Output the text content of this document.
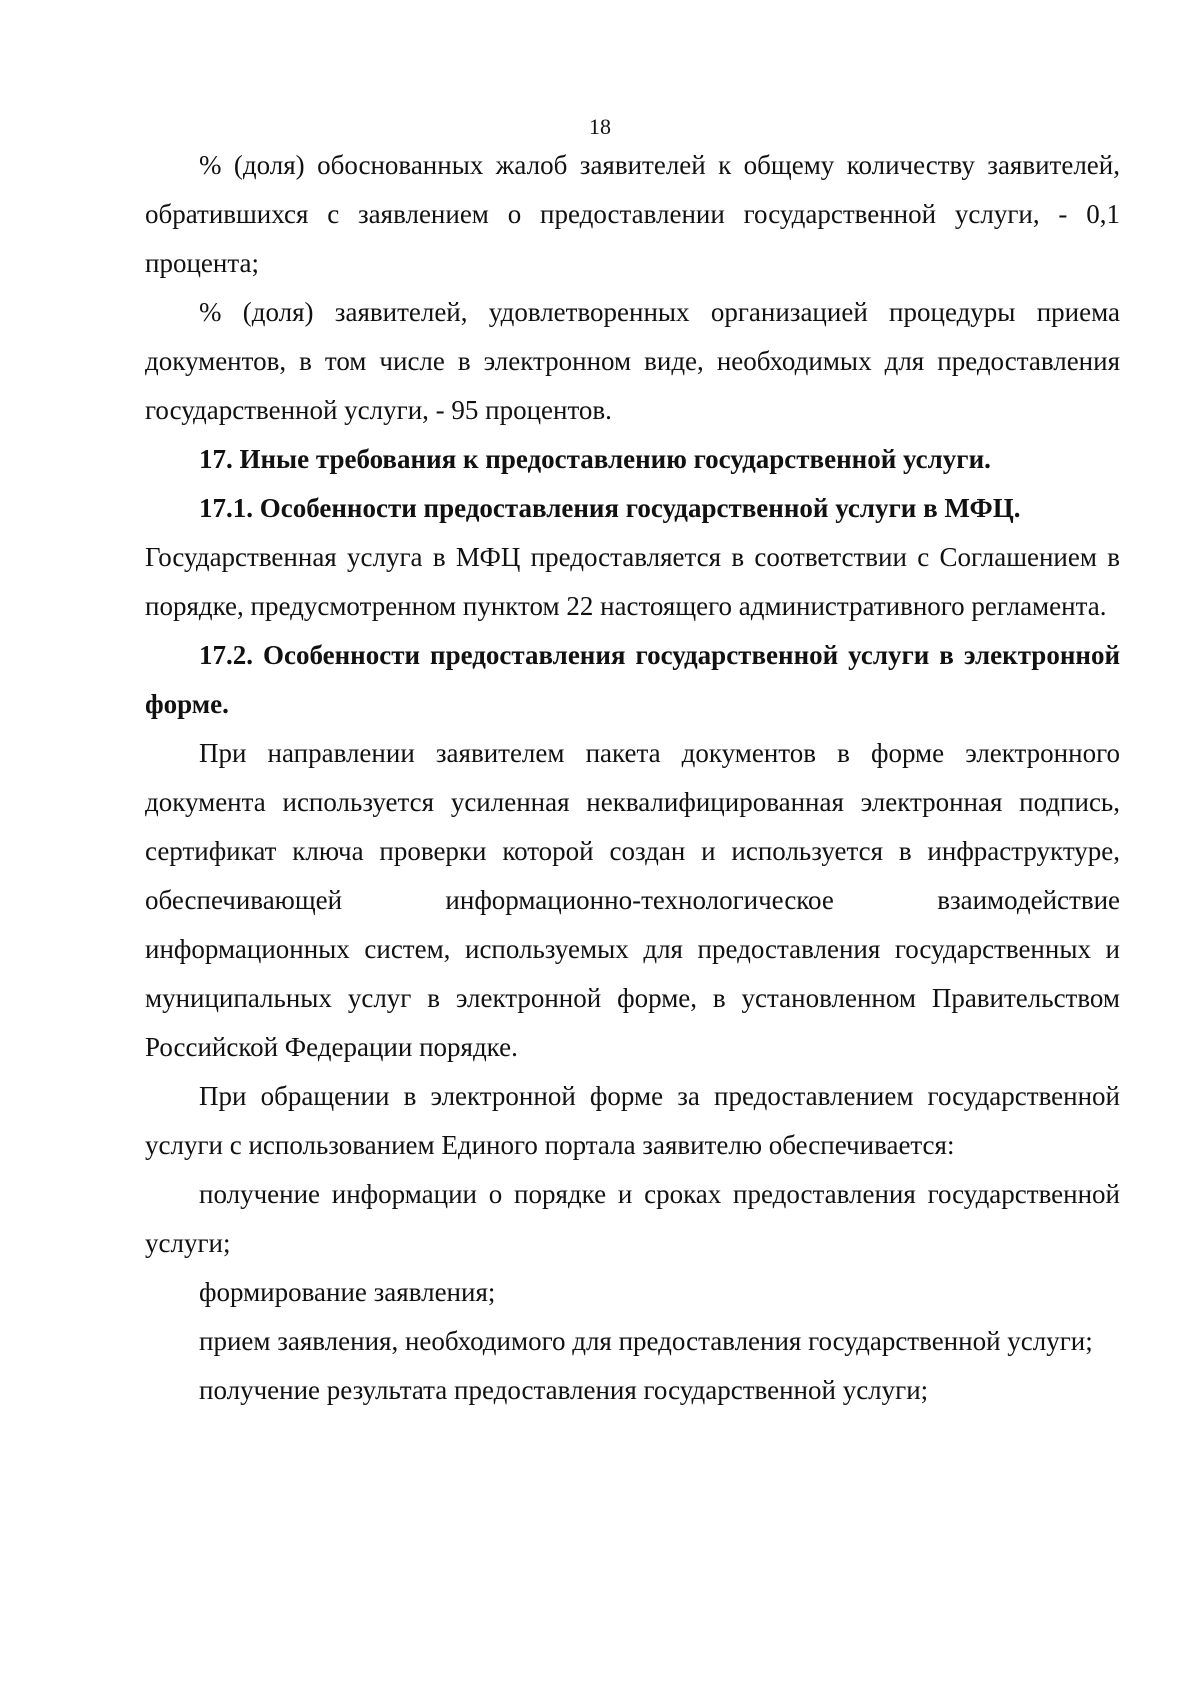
18

% (доля) обоснованных жалоб заявителей к общему количеству заявителей, обратившихся с заявлением о предоставлении государственной услуги, - 0,1 процента;

% (доля) заявителей, удовлетворенных организацией процедуры приема документов, в том числе в электронном виде, необходимых для предоставления государственной услуги, - 95 процентов.

17. Иные требования к предоставлению государственной услуги.

17.1. Особенности предоставления государственной услуги в МФЦ.

Государственная услуга в МФЦ предоставляется в соответствии с Соглашением в порядке, предусмотренном пунктом 22 настоящего административного регламента.

17.2. Особенности предоставления государственной услуги в электронной форме.

При направлении заявителем пакета документов в форме электронного документа используется усиленная неквалифицированная электронная подпись, сертификат ключа проверки которой создан и используется в инфраструктуре, обеспечивающей информационно-технологическое взаимодействие информационных систем, используемых для предоставления государственных и муниципальных услуг в электронной форме, в установленном Правительством Российской Федерации порядке.

При обращении в электронной форме за предоставлением государственной услуги с использованием Единого портала заявителю обеспечивается:

получение информации о порядке и сроках предоставления государственной услуги;

формирование заявления;

прием заявления, необходимого для предоставления государственной услуги;

получение результата предоставления государственной услуги;
